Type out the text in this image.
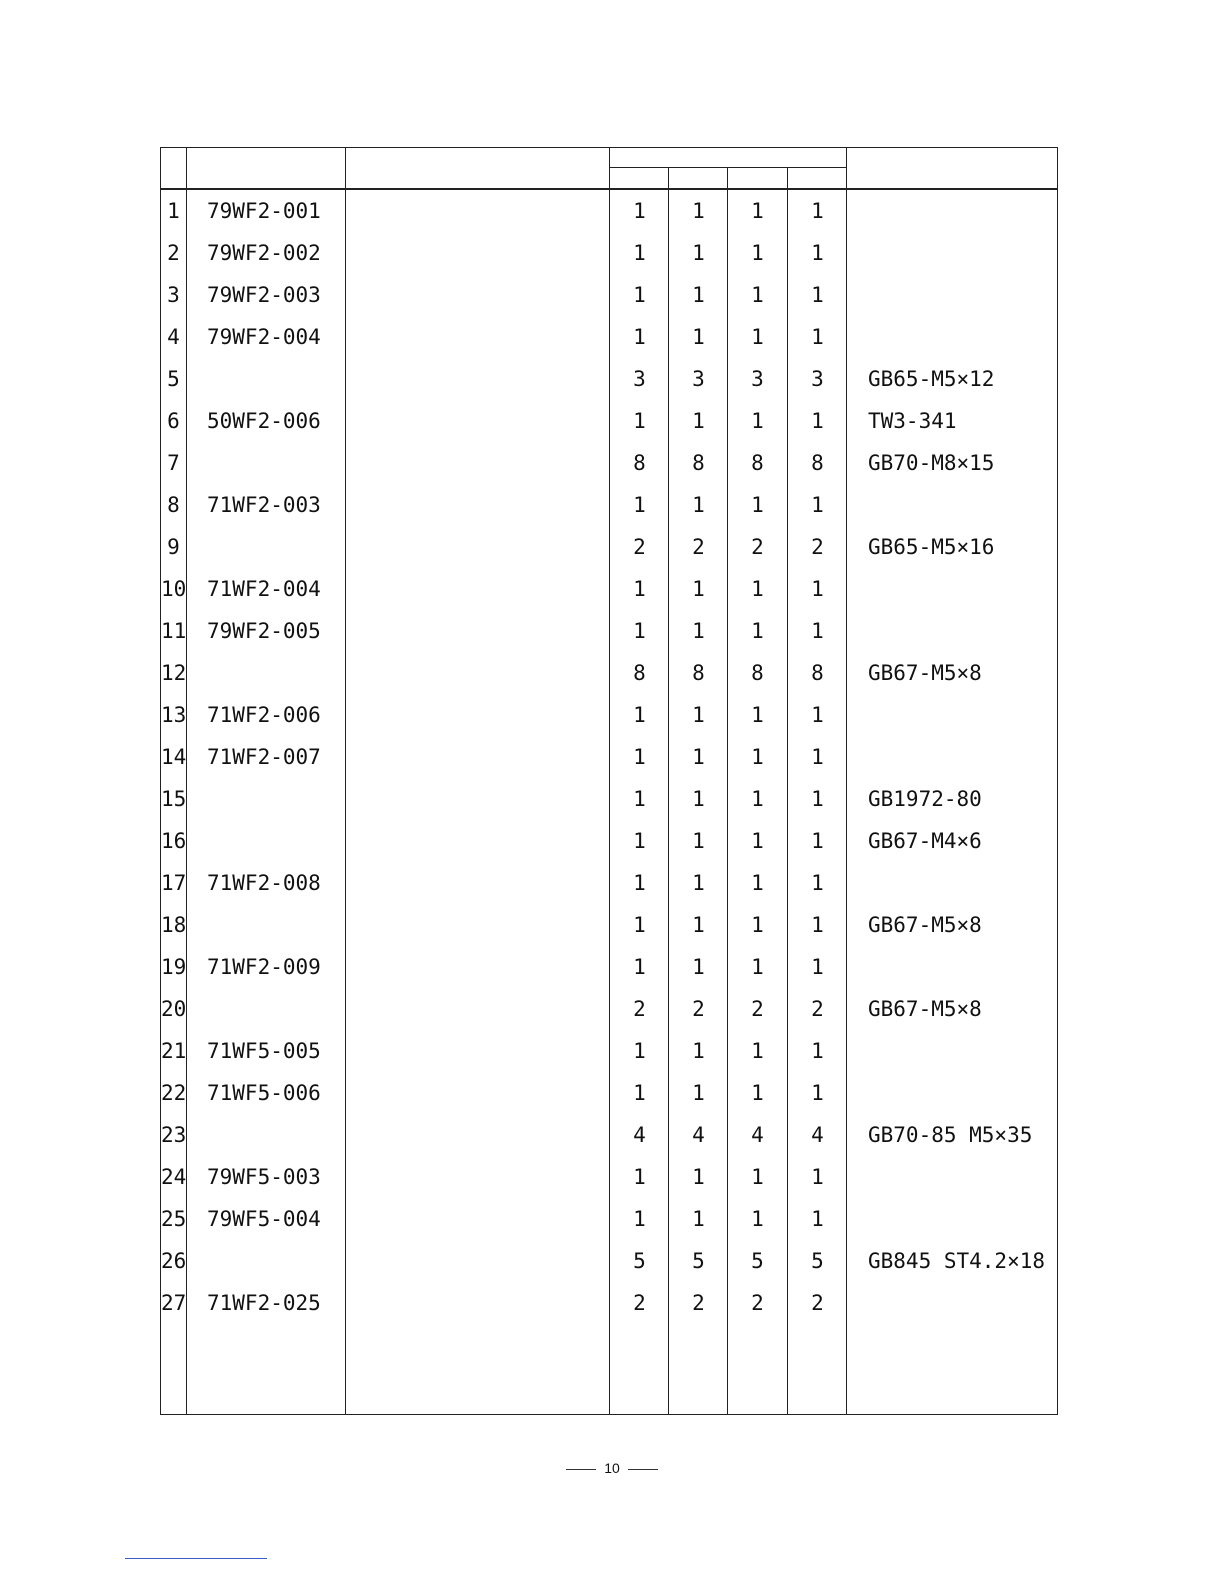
1 79WF2-001	1	1	1	1
2 79WF2-002	1	1	1	1
3 79WF2-003	1	1	1	1
4 79WF2-004	1	1	1	1
5	3	3	3	3	GB65-M5×12
6 50WF2-006	1	1	1	1	TW3-341
7	8	8	8	8	GB70-M8×15
8 71WF2-003	1	1	1	1
9	2	2	2	2	GB65-M5×16
10 71WF2-004	1	1	1	1
11 79WF2-005	1	1	1	1
12	8	8	8	8	GB67-M5×8
13 71WF2-006	1	1	1	1
14 71WF2-007	1	1	1	1
15	1	1	1	1	GB1972-80
16	1	1	1	1	GB67-M4×6
17 71WF2-008	1	1	1	1
18	1	1	1	1	GB67-M5×8
19 71WF2-009	1	1	1	1
20	2	2	2	2	GB67-M5×8
21 71WF5-005	1	1	1	1
22 71WF5-006	1	1	1	1
23	4	4	4	4	GB70-85 M5×35
24 79WF5-003	1	1	1	1
25 79WF5-004	1	1	1	1
26	5	5	5	5	GB845 ST4.2×18
27 71WF2-025	2	2	2	2
10
